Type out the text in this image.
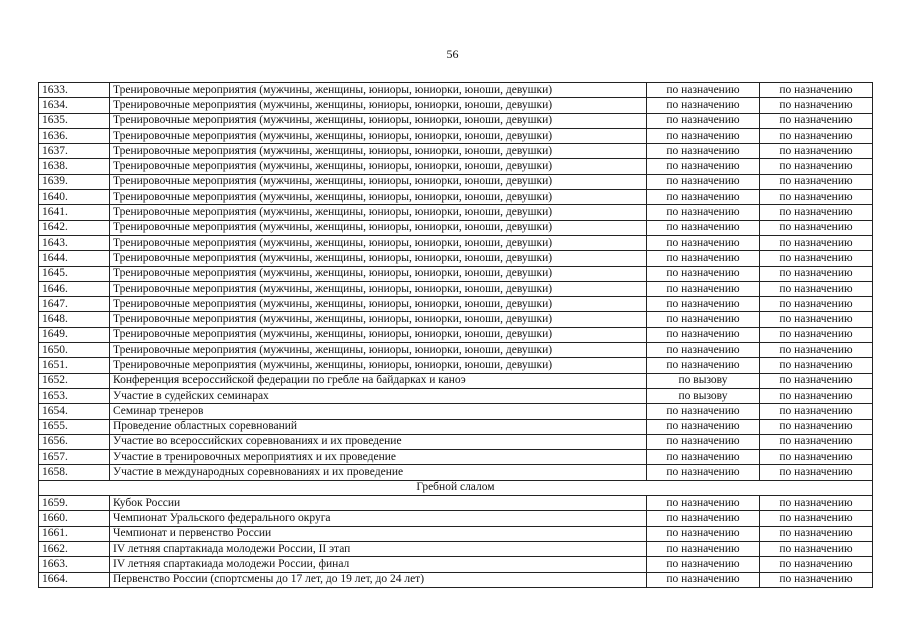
56
1633.	Тренировочные мероприятия (мужчины, женщины, юниоры, юниорки, юноши, девушки)	по назначению	по назначению
1634.	Тренировочные мероприятия (мужчины, женщины, юниоры, юниорки, юноши, девушки)	по назначению	по назначению
1635.	Тренировочные мероприятия (мужчины, женщины, юниоры, юниорки, юноши, девушки)	по назначению	по назначению
1636.	Тренировочные мероприятия (мужчины, женщины, юниоры, юниорки, юноши, девушки)	по назначению	по назначению
1637.	Тренировочные мероприятия (мужчины, женщины, юниоры, юниорки, юноши, девушки)	по назначению	по назначению
1638.	Тренировочные мероприятия (мужчины, женщины, юниоры, юниорки, юноши, девушки)	по назначению	по назначению
1639.	Тренировочные мероприятия (мужчины, женщины, юниоры, юниорки, юноши, девушки)	по назначению	по назначению
1640.	Тренировочные мероприятия (мужчины, женщины, юниоры, юниорки, юноши, девушки)	по назначению	по назначению
1641.	Тренировочные мероприятия (мужчины, женщины, юниоры, юниорки, юноши, девушки)	по назначению	по назначению
1642.	Тренировочные мероприятия (мужчины, женщины, юниоры, юниорки, юноши, девушки)	по назначению	по назначению
1643.	Тренировочные мероприятия (мужчины, женщины, юниоры, юниорки, юноши, девушки)	по назначению	по назначению
1644.	Тренировочные мероприятия (мужчины, женщины, юниоры, юниорки, юноши, девушки)	по назначению	по назначению
1645.	Тренировочные мероприятия (мужчины, женщины, юниоры, юниорки, юноши, девушки)	по назначению	по назначению
1646.	Тренировочные мероприятия (мужчины, женщины, юниоры, юниорки, юноши, девушки)	по назначению	по назначению
1647.	Тренировочные мероприятия (мужчины, женщины, юниоры, юниорки, юноши, девушки)	по назначению	по назначению
1648.	Тренировочные мероприятия (мужчины, женщины, юниоры, юниорки, юноши, девушки)	по назначению	по назначению
1649.	Тренировочные мероприятия (мужчины, женщины, юниоры, юниорки, юноши, девушки)	по назначению	по назначению
1650.	Тренировочные мероприятия (мужчины, женщины, юниоры, юниорки, юноши, девушки)	по назначению	по назначению
1651.	Тренировочные мероприятия (мужчины, женщины, юниоры, юниорки, юноши, девушки)	по назначению	по назначению
1652.	Конференция всероссийской федерации по гребле на байдарках и каноэ	по вызову	по назначению
1653.	Участие в судейских семинарах	по вызову	по назначению
1654.	Семинар тренеров	по назначению	по назначению
1655.	Проведение областных соревнований	по назначению	по назначению
1656.	Участие во всероссийских соревнованиях и их проведение	по назначению	по назначению
1657.	Участие в тренировочных мероприятиях и их проведение	по назначению	по назначению
1658.	Участие в международных соревнованиях и их проведение	по назначению	по назначению
Гребной слалом			
1659.	Кубок России	по назначению	по назначению
1660.	Чемпионат Уральского федерального округа	по назначению	по назначению
1661.	Чемпионат и первенство России	по назначению	по назначению
1662.	IV летняя спартакиада молодежи России, II этап	по назначению	по назначению
1663.	IV летняя спартакиада молодежи России, финал	по назначению	по назначению
1664.	Первенство России (спортсмены до 17 лет, до 19 лет, до 24 лет)	по назначению	по назначению
